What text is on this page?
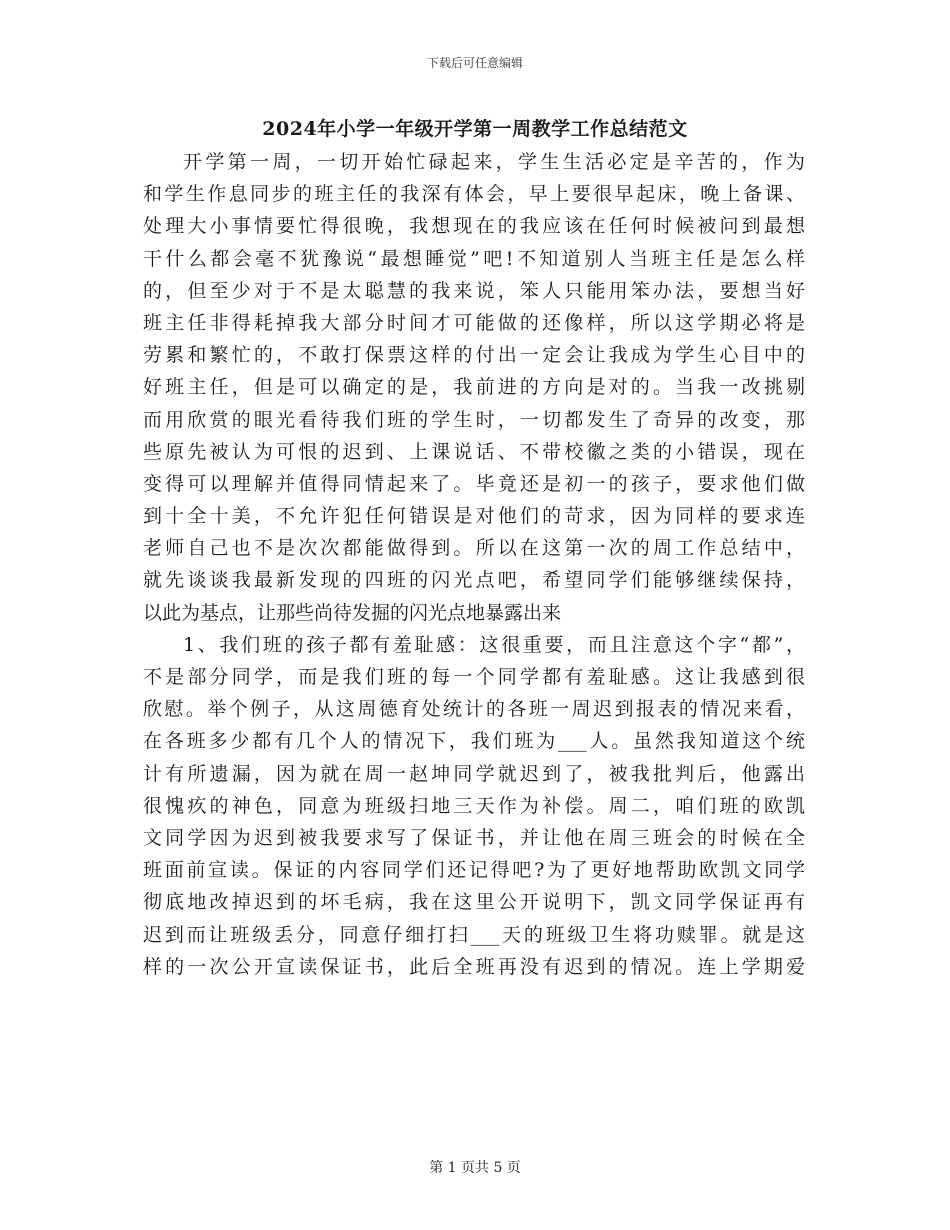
下载后可任意编辑
2024年小学一年级开学第一周教学工作总结范文
开学第一周，一切开始忙碌起来，学生生活必定是辛苦的，作为
和学生作息同步的班主任的我深有体会，早上要很早起床，晚上备课、
处理大小事情要忙得很晚，我想现在的我应该在任何时候被问到最想
干什么都会毫不犹豫说“最想睡觉”吧!不知道别人当班主任是怎么样
的，但至少对于不是太聪慧的我来说，笨人只能用笨办法，要想当好
班主任非得耗掉我大部分时间才可能做的还像样，所以这学期必将是
劳累和繁忙的，不敢打保票这样的付出一定会让我成为学生心目中的
好班主任，但是可以确定的是，我前进的方向是对的。当我一改挑剔
而用欣赏的眼光看待我们班的学生时，一切都发生了奇异的改变，那
些原先被认为可恨的迟到、上课说话、不带校徽之类的小错误，现在
变得可以理解并值得同情起来了。毕竟还是初一的孩子，要求他们做
到十全十美，不允许犯任何错误是对他们的苛求，因为同样的要求连
老师自己也不是次次都能做得到。所以在这第一次的周工作总结中，
就先谈谈我最新发现的四班的闪光点吧，希望同学们能够继续保持，
以此为基点，让那些尚待发掘的闪光点地暴露出来
1、我们班的孩子都有羞耻感：这很重要，而且注意这个字“都”，
不是部分同学，而是我们班的每一个同学都有羞耻感。这让我感到很
欣慰。举个例子，从这周德育处统计的各班一周迟到报表的情况来看，
在各班多少都有几个人的情况下，我们班为___人。虽然我知道这个统
计有所遗漏，因为就在周一赵坤同学就迟到了，被我批判后，他露出
很愧疚的神色，同意为班级扫地三天作为补偿。周二，咱们班的欧凯
文同学因为迟到被我要求写了保证书，并让他在周三班会的时候在全
班面前宣读。保证的内容同学们还记得吧?为了更好地帮助欧凯文同学
彻底地改掉迟到的坏毛病，我在这里公开说明下，凯文同学保证再有
迟到而让班级丢分，同意仔细打扫___天的班级卫生将功赎罪。就是这
样的一次公开宣读保证书，此后全班再没有迟到的情况。连上学期爱
第 1 页共 5 页
